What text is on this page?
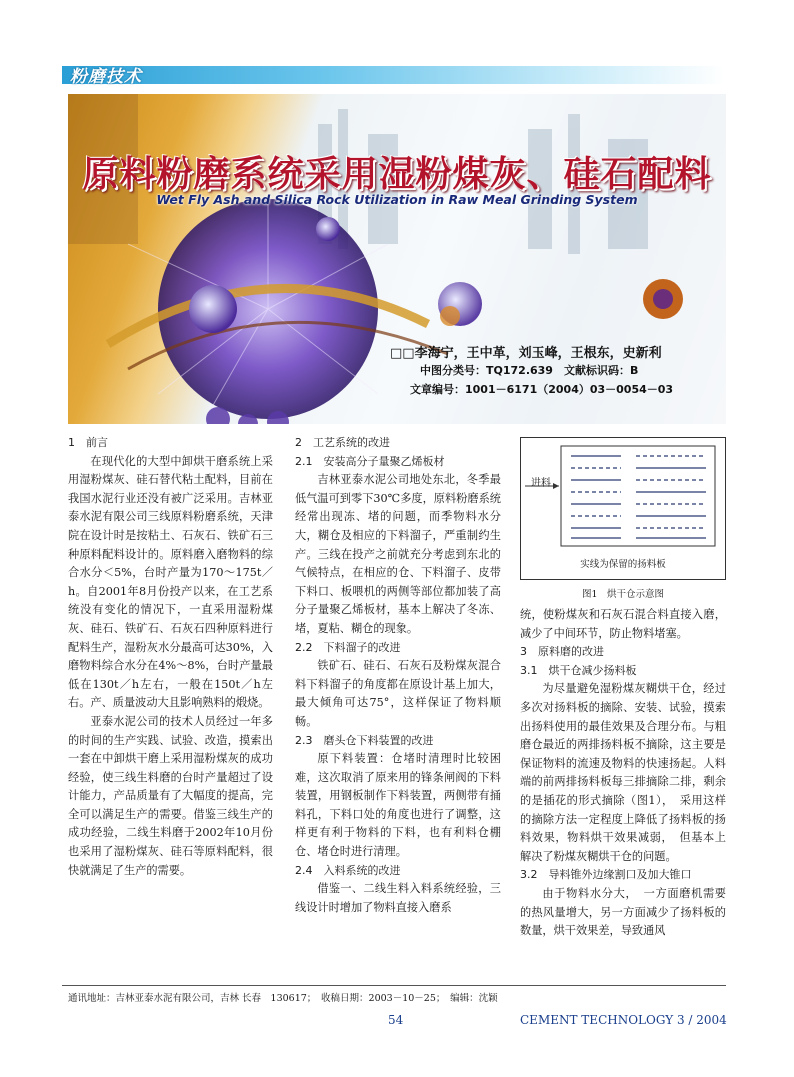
粉磨技术
原料粉磨系统采用湿粉煤灰、硅石配料
Wet Fly Ash and Silica Rock Utilization in Raw Meal Grinding System
□□李海宁，王中革，刘玉峰，王根东，史新利
中图分类号：TQ172.639　文献标识码：B
文章编号：1001－6171（2004）03－0054－03
1　前言
在现代化的大型中卸烘干磨系统上采用湿粉煤灰、硅石替代粘土配料，目前在我国水泥行业还没有被广泛采用。吉林亚泰水泥有限公司三线原料粉磨系统，天津院在设计时是按粘土、石灰石、铁矿石三种原料配料设计的。原料磨入磨物料的综合水分＜5%，台时产量为170～175t／h。自2001年8月份投产以来，在工艺系统没有变化的情况下，一直采用湿粉煤灰、硅石、铁矿石、石灰石四种原料进行配料生产，湿粉灰水分最高可达30%，入磨物料综合水分在4%～8%，台时产量最低在130t／h左右，一般在150t／h左右。产、质量波动大且影响熟料的煅烧。
亚泰水泥公司的技术人员经过一年多的时间的生产实践、试验、改造，摸索出一套在中卸烘干磨上采用湿粉煤灰的成功经验，使三线生料磨的台时产量超过了设计能力，产品质量有了大幅度的提高，完全可以满足生产的需要。借鉴三线生产的成功经验，二线生料磨于2002年10月份也采用了湿粉煤灰、硅石等原料配料，很快就满足了生产的需要。
2　工艺系统的改进
2.1　安装高分子量聚乙烯板材
吉林亚泰水泥公司地处东北，冬季最低气温可到零下30℃多度，原料粉磨系统经常出现冻、堵的问题，而季物料水分大，糊仓及相应的下料溜子，严重制约生产。三线在投产之前就充分考虑到东北的气候特点，在相应的仓、下料溜子、皮带下料口、板喂机的两侧等部位都加装了高分子量聚乙烯板材，基本上解决了冬冻、堵，夏粘、糊仓的现象。
2.2　下料溜子的改进
铁矿石、硅石、石灰石及粉煤灰混合料下料溜子的角度都在原设计基上加大，最大倾角可达75°，这样保证了物料顺畅。
2.3　磨头仓下料装置的改进
原下料装置：仓堵时清理时比较困难，这次取消了原来用的锋条闸阀的下料装置，用钢板制作下料装置，两侧带有捅料孔，下料口处的角度也进行了调整，这样更有利于物料的下料，也有利料仓棚仓、堵仓时进行清理。
2.4　入料系统的改进
借鉴一、二线生料入料系统经验，三线设计时增加了物料直接入磨系
进料
实线为保留的扬料板
图1　烘干仓示意图
统，使粉煤灰和石灰石混合料直接入磨，减少了中间环节，防止物料堵塞。
3　原料磨的改进
3.1　烘干仓减少扬料板
为尽量避免湿粉煤灰糊烘干仓，经过多次对扬料板的摘除、安装、试验，摸索出扬料使用的最佳效果及合理分布。与粗磨仓最近的两排扬料板不摘除，这主要是保证物料的流速及物料的快速扬起。人料端的前两排扬料板每三排摘除二排，剩余的是插花的形式摘除（图1），　采用这样的摘除方法一定程度上降低了扬料板的扬料效果，物料烘干效果减弱，　但基本上解决了粉煤灰糊烘干仓的问题。
3.2　导料锥外边缘割口及加大锥口
由于物料水分大，　一方面磨机需要的热风量增大，另一方面减少了扬料板的数量，烘干效果差，导致通风
通讯地址：吉林亚泰水泥有限公司，吉林 长春　130617；　收稿日期：2003－10－25；　编辑：沈颖
54	CEMENT TECHNOLOGY 3 / 2004
